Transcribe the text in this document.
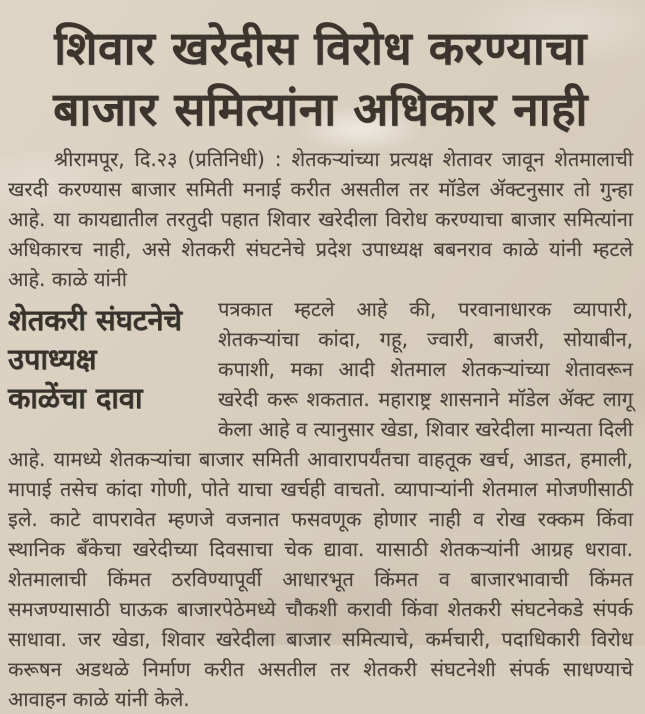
शिवार खरेदीस विरोध करण्याचा
बाजार समित्यांना अधिकार नाही

श्रीरामपूर, दि.२३ (प्रतिनिधी) : शेतकऱ्यांच्या प्रत्यक्ष शेतावर जावून शेतमालाची खरदी करण्यास बाजार समिती मनाई करीत असतील तर मॉडेल ॲक्टनुसार तो गुन्हा आहे. या कायद्यातील तरतुदी पहात शिवार खरेदीला विरोध करण्याचा बाजार समित्यांना अधिकारच नाही, असे शेतकरी संघटनेचे प्रदेश उपाध्यक्ष बबनराव काळे यांनी म्हटले आहे. काळे यांनी

शेतकरी संघटनेचे
उपाध्यक्ष
काळेंचा दावा
पत्रकात म्हटले आहे की, परवानाधारक व्यापारी, शेतकऱ्यांचा कांदा, गहू, ज्वारी, बाजरी, सोयाबीन, कपाशी, मका आदी शेतमाल शेतकऱ्यांच्या शेतावरून खरेदी करू शकतात. महाराष्ट्र शासनाने मॉडेल ॲक्ट लागू केला आहे व त्यानुसार खेडा, शिवार खरेदीला मान्यता दिली आहे. यामध्ये शेतकऱ्यांचा बाजार समिती आवारापर्यंतचा वाहतूक खर्च, आडत, हमाली, मापाई तसेच कांदा गोणी, पोते याचा खर्चही वाचतो. व्यापाऱ्यांनी शेतमाल मोजणीसाठी इले. काटे वापरावेत म्हणजे वजनात फसवणूक होणार नाही व रोख रक्कम किंवा स्थानिक बँकेचा खरेदीच्या दिवसाचा चेक द्यावा. यासाठी शेतकऱ्यांनी आग्रह धरावा. शेतमालाची किंमत ठरविण्यापूर्वी आधारभूत किंमत व बाजारभावाची किंमत समजण्यासाठी घाऊक बाजारपेठेमध्ये चौकशी करावी किंवा शेतकरी संघटनेकडे संपर्क साधावा. जर खेडा, शिवार खरेदीला बाजार समित्याचे, कर्मचारी, पदाधिकारी विरोध करूषन अडथळे निर्माण करीत असतील तर शेतकरी संघटनेशी संपर्क साधण्याचे आवाहन काळे यांनी केले.
